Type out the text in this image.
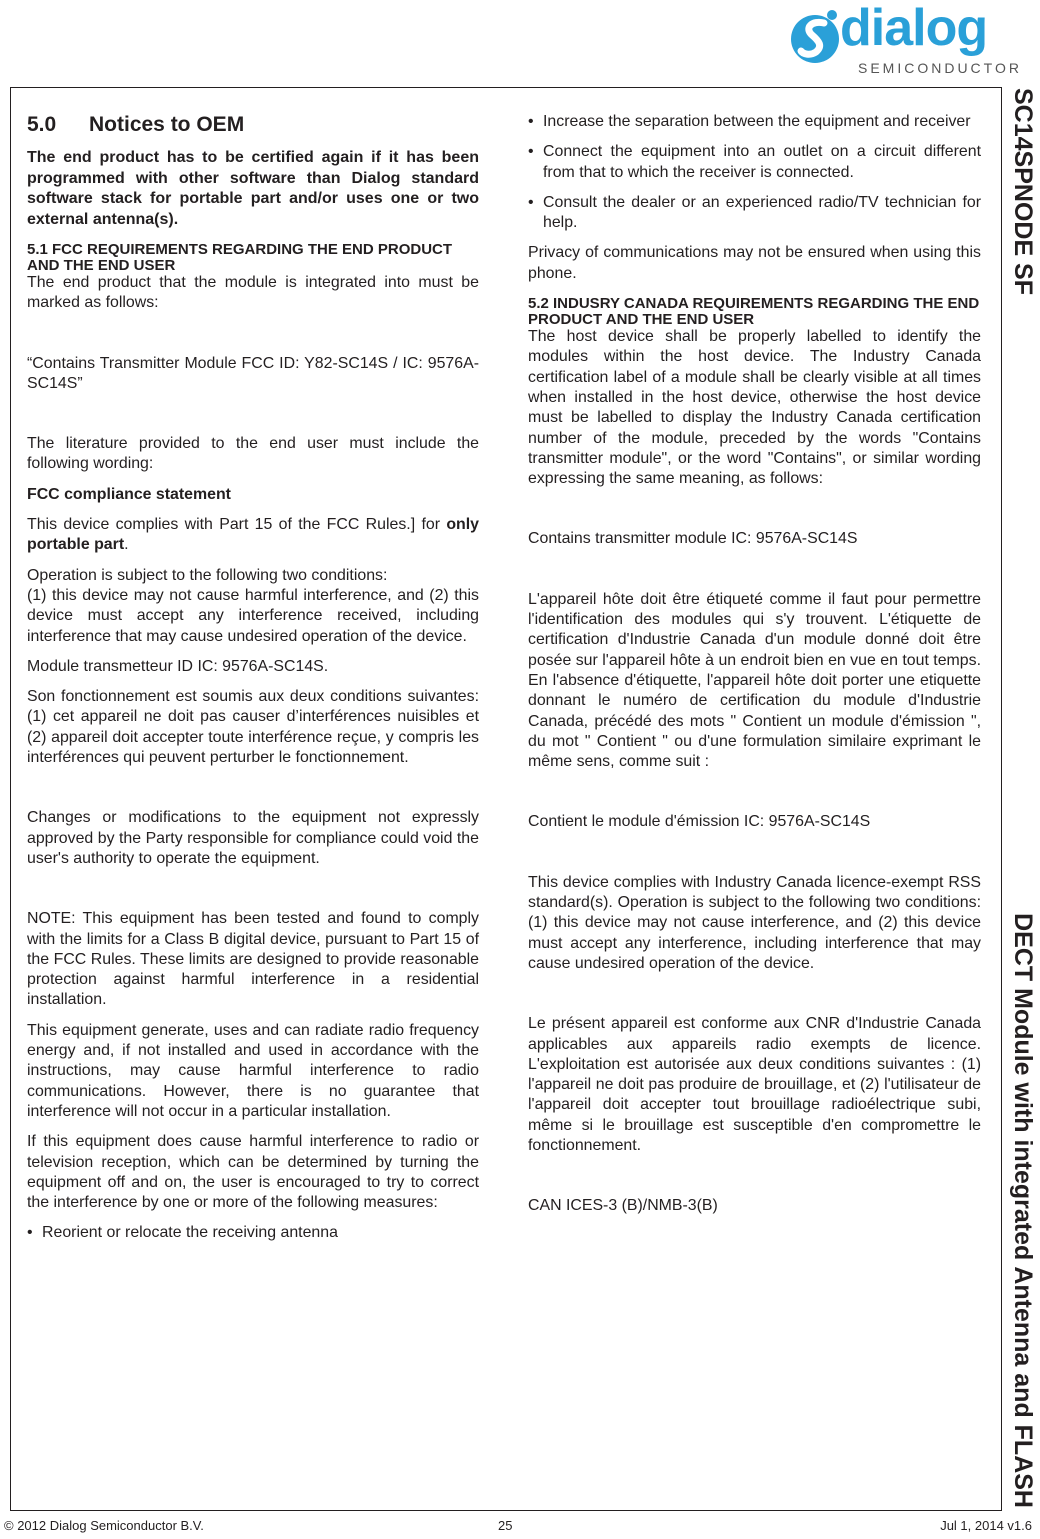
dialog
SEMICONDUCTOR
SC14SPNODE SF
DECT Module with integrated Antenna and FLASH
5.0 Notices to OEM

The end product has to be certified again if it has been programmed with other software than Dialog standard software stack for portable part and/or uses one or two external antenna(s).

5.1 FCC REQUIREMENTS REGARDING THE END PRODUCT AND THE END USER

The end product that the module is integrated into must be marked as follows:

“Contains Transmitter Module FCC ID: Y82-SC14S / IC: 9576A-SC14S”

The literature provided to the end user must include the following wording:

FCC compliance statement

This device complies with Part 15 of the FCC Rules.] for only portable part.

Operation is subject to the following two conditions:

(1) this device may not cause harmful interference, and (2) this device must accept any interference received, including interference that may cause undesired operation of the device.

Module transmetteur ID IC: 9576A-SC14S.

Son fonctionnement est soumis aux deux conditions suivantes: (1) cet appareil ne doit pas causer d’interférences nuisibles et (2) appareil doit accepter toute interférence reçue, y compris les interférences qui peuvent perturber le fonctionnement.

Changes or modifications to the equipment not expressly approved by the Party responsible for compliance could void the user's authority to operate the equipment.

NOTE: This equipment has been tested and found to comply with the limits for a Class B digital device, pursuant to Part 15 of the FCC Rules. These limits are designed to provide reasonable protection against harmful interference in a residential installation.

This equipment generate, uses and can radiate radio frequency energy and, if not installed and used in accordance with the instructions, may cause harmful interference to radio communications. However, there is no guarantee that interference will not occur in a particular installation.

If this equipment does cause harmful interference to radio or television reception, which can be determined by turning the equipment off and on, the user is encouraged to try to correct the interference by one or more of the following measures:

• Reorient or relocate the receiving antenna
• Increase the separation between the equipment and receiver
• Connect the equipment into an outlet on a circuit different from that to which the receiver is connected.
• Consult the dealer or an experienced radio/TV technician for help.

Privacy of communications may not be ensured when using this phone.

5.2 INDUSRY CANADA REQUIREMENTS REGARDING THE END PRODUCT AND THE END USER

The host device shall be properly labelled to identify the modules within the host device. The Industry Canada certification label of a module shall be clearly visible at all times when installed in the host device, otherwise the host device must be labelled to display the Industry Canada certification number of the module, preceded by the words "Contains transmitter module", or the word "Contains", or similar wording expressing the same meaning, as follows:

Contains transmitter module IC: 9576A-SC14S

L'appareil hôte doit être étiqueté comme il faut pour permettre l'identification des modules qui s'y trouvent. L'étiquette de certification d'Industrie Canada d'un module donné doit être posée sur l'appareil hôte à un endroit bien en vue en tout temps. En l'absence d'étiquette, l'appareil hôte doit porter une etiquette donnant le numéro de certification du module d'Industrie Canada, précédé des mots " Contient un module d'émission ", du mot " Contient " ou d'une formulation similaire exprimant le même sens, comme suit :

Contient le module d'émission IC: 9576A-SC14S

This device complies with Industry Canada licence-exempt RSS standard(s). Operation is subject to the following two conditions: (1) this device may not cause interference, and (2) this device must accept any interference, including interference that may cause undesired operation of the device.

Le présent appareil est conforme aux CNR d'Industrie Canada applicables aux appareils radio exempts de licence. L'exploitation est autorisée aux deux conditions suivantes : (1) l'appareil ne doit pas produire de brouillage, et (2) l'utilisateur de l'appareil doit accepter tout brouillage radioélectrique subi, même si le brouillage est susceptible d'en compromettre le fonctionnement.

CAN ICES-3 (B)/NMB-3(B)

© 2012 Dialog Semiconductor B.V.	25	Jul 1, 2014 v1.6
